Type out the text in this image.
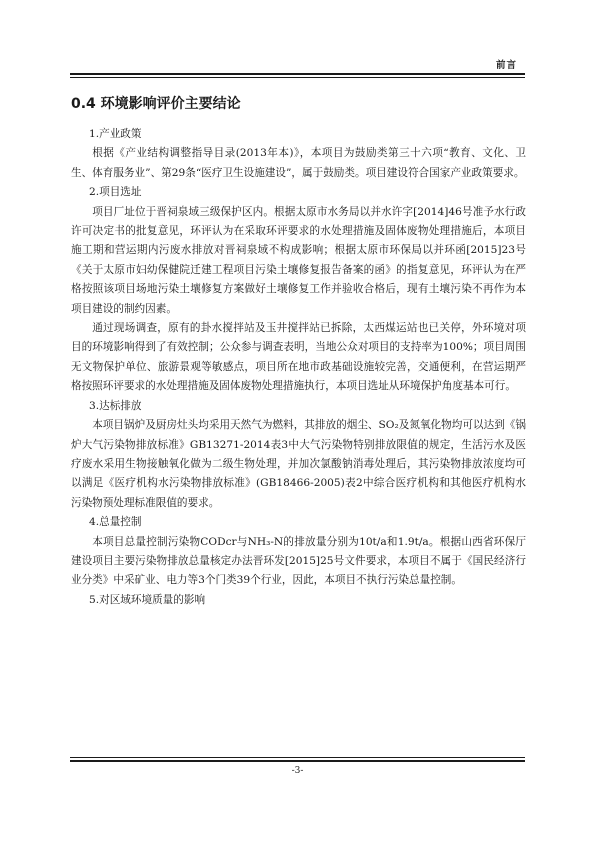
前言
0.4 环境影响评价主要结论

1.产业政策

根据《产业结构调整指导目录(2013年本)》，本项目为鼓励类第三十六项“教育、文化、卫生、体育服务业”、第29条“医疗卫生设施建设”，属于鼓励类。项目建设符合国家产业政策要求。

2.项目选址

项目厂址位于晋祠泉域三级保护区内。根据太原市水务局以并水许字[2014]46号准予水行政许可决定书的批复意见，环评认为在采取环评要求的水处理措施及固体废物处理措施后，本项目施工期和营运期内污废水排放对晋祠泉域不构成影响；根据太原市环保局以并环函[2015]23号《关于太原市妇幼保健院迁建工程项目污染土壤修复报告备案的函》的指复意见，环评认为在严格按照该项目场地污染土壤修复方案做好土壤修复工作并验收合格后，现有土壤污染不再作为本项目建设的制约因素。

通过现场调查，原有的卦水搅拌站及玉井搅拌站已拆除，太西煤运站也已关停，外环境对项目的环境影响得到了有效控制；公众参与调查表明，当地公众对项目的支持率为100%；项目周围无文物保护单位、旅游景观等敏感点，项目所在地市政基础设施较完善，交通便利，在营运期严格按照环评要求的水处理措施及固体废物处理措施执行，本项目选址从环境保护角度基本可行。

3.达标排放

本项目锅炉及厨房灶头均采用天然气为燃料，其排放的烟尘、SO₂及氮氧化物均可以达到《锅炉大气污染物排放标准》GB13271-2014表3中大气污染物特别排放限值的规定，生活污水及医疗废水采用生物接触氧化做为二级生物处理，并加次氯酸钠消毒处理后，其污染物排放浓度均可以满足《医疗机构水污染物排放标准》(GB18466-2005)表2中综合医疗机构和其他医疗机构水污染物预处理标准限值的要求。

4.总量控制

本项目总量控制污染物CODcr与NH₃-N的排放量分别为10t/a和1.9t/a。根据山西省环保厅建设项目主要污染物排放总量核定办法晋环发[2015]25号文件要求，本项目不属于《国民经济行业分类》中采矿业、电力等3个门类39个行业，因此，本项目不执行污染总量控制。

5.对区域环境质量的影响

-3-
